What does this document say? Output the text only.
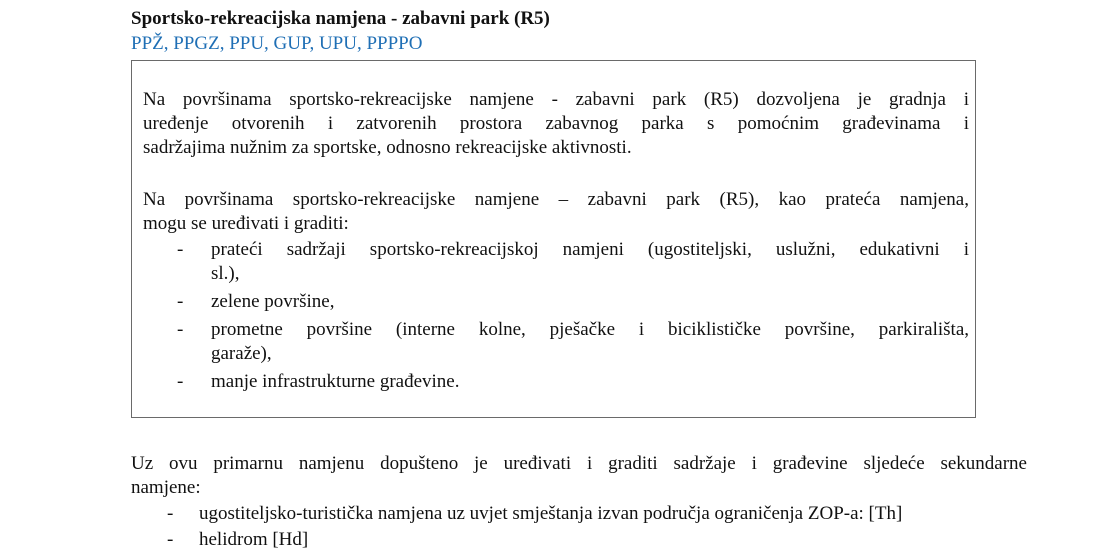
Sportsko-rekreacijska namjena - zabavni park (R5)
PPŽ, PPGZ, PPU, GUP, UPU, PPPPO
Na površinama sportsko-rekreacijske namjene - zabavni park (R5) dozvoljena je gradnja i
uređenje otvorenih i zatvorenih prostora zabavnog parka s pomoćnim građevinama i
sadržajima nužnim za sportske, odnosno rekreacijske aktivnosti.
Na površinama sportsko-rekreacijske namjene – zabavni park (R5), kao prateća namjena,
mogu se uređivati i graditi:
- prateći sadržaji sportsko-rekreacijskoj namjeni (ugostiteljski, uslužni, edukativni i
sl.),
- zelene površine,
- prometne površine (interne kolne, pješačke i biciklističke površine, parkirališta,
garaže),
- manje infrastrukturne građevine.
Uz ovu primarnu namjenu dopušteno je uređivati i graditi sadržaje i građevine sljedeće sekundarne
namjene:
- ugostiteljsko-turistička namjena uz uvjet smještanja izvan područja ograničenja ZOP-a: [Th]
- helidrom [Hd]
